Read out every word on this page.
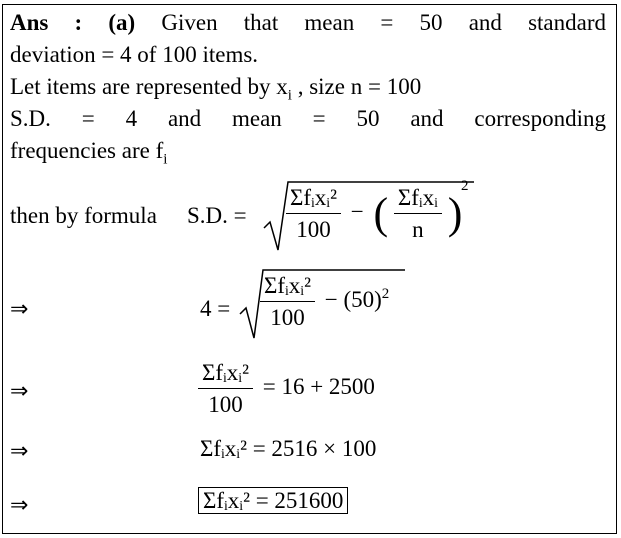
Ans : (a) Given that mean = 50 and standard
deviation = 4 of 100 items.
Let items are represented by $x_i$ , size n = 100
S.D. = 4 and mean = 50 and corresponding
frequencies are $f_i$
then by formula S.D. = $\frac{\text{Σfᵢxᵢ²}}{100}$ − ( $\frac{\text{Σfᵢxᵢ}}{n}$ )
2
⇒	$4 = \frac{\text{Σfᵢxᵢ²}}{100} - (50)^2$
⇒	$\frac{\text{Σfᵢxᵢ²}}{100} = 16 + 2500$
⇒	Σfᵢxᵢ² = 2516 × 100
⇒	Σfᵢxᵢ² = 251600
